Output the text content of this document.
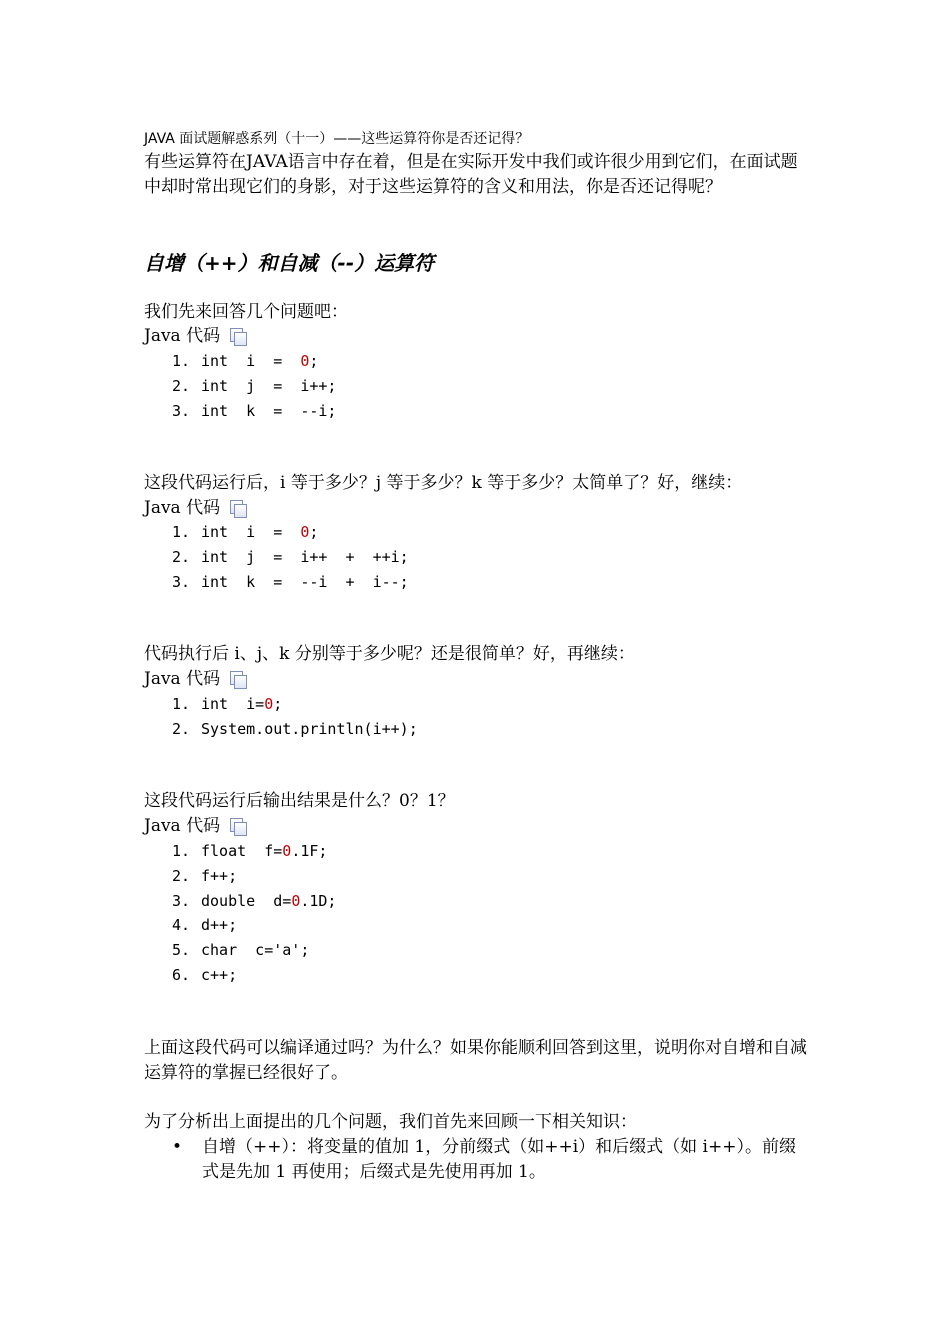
JAVA 面试题解惑系列（十一）——这些运算符你是否还记得？
有些运算符在JAVA语言中存在着，但是在实际开发中我们或许很少用到它们，在面试题中却时常出现它们的身影，对于这些运算符的含义和用法，你是否还记得呢？
自增（++）和自减（--）运算符
我们先来回答几个问题吧：
Java 代码
1. int  i  =  0;
2. int  j  =  i++;
3. int  k  =  --i;
这段代码运行后，i 等于多少？j 等于多少？k 等于多少？太简单了？好，继续：
Java 代码
1. int  i  =  0;
2. int  j  =  i++  +  ++i;
3. int  k  =  --i  +  i--;
代码执行后 i、j、k 分别等于多少呢？还是很简单？好，再继续：
Java 代码
1. int  i=0;
2. System.out.println(i++);
这段代码运行后输出结果是什么？0？1？
Java 代码
1. float  f=0.1F;
2. f++;
3. double  d=0.1D;
4. d++;
5. char  c='a';
6. c++;
上面这段代码可以编译通过吗？为什么？如果你能顺利回答到这里，说明你对自增和自减运算符的掌握已经很好了。
为了分析出上面提出的几个问题，我们首先来回顾一下相关知识：
• 自增（++）：将变量的值加 1，分前缀式（如++i）和后缀式（如 i++）。前缀式是先加 1 再使用；后缀式是先使用再加 1。
